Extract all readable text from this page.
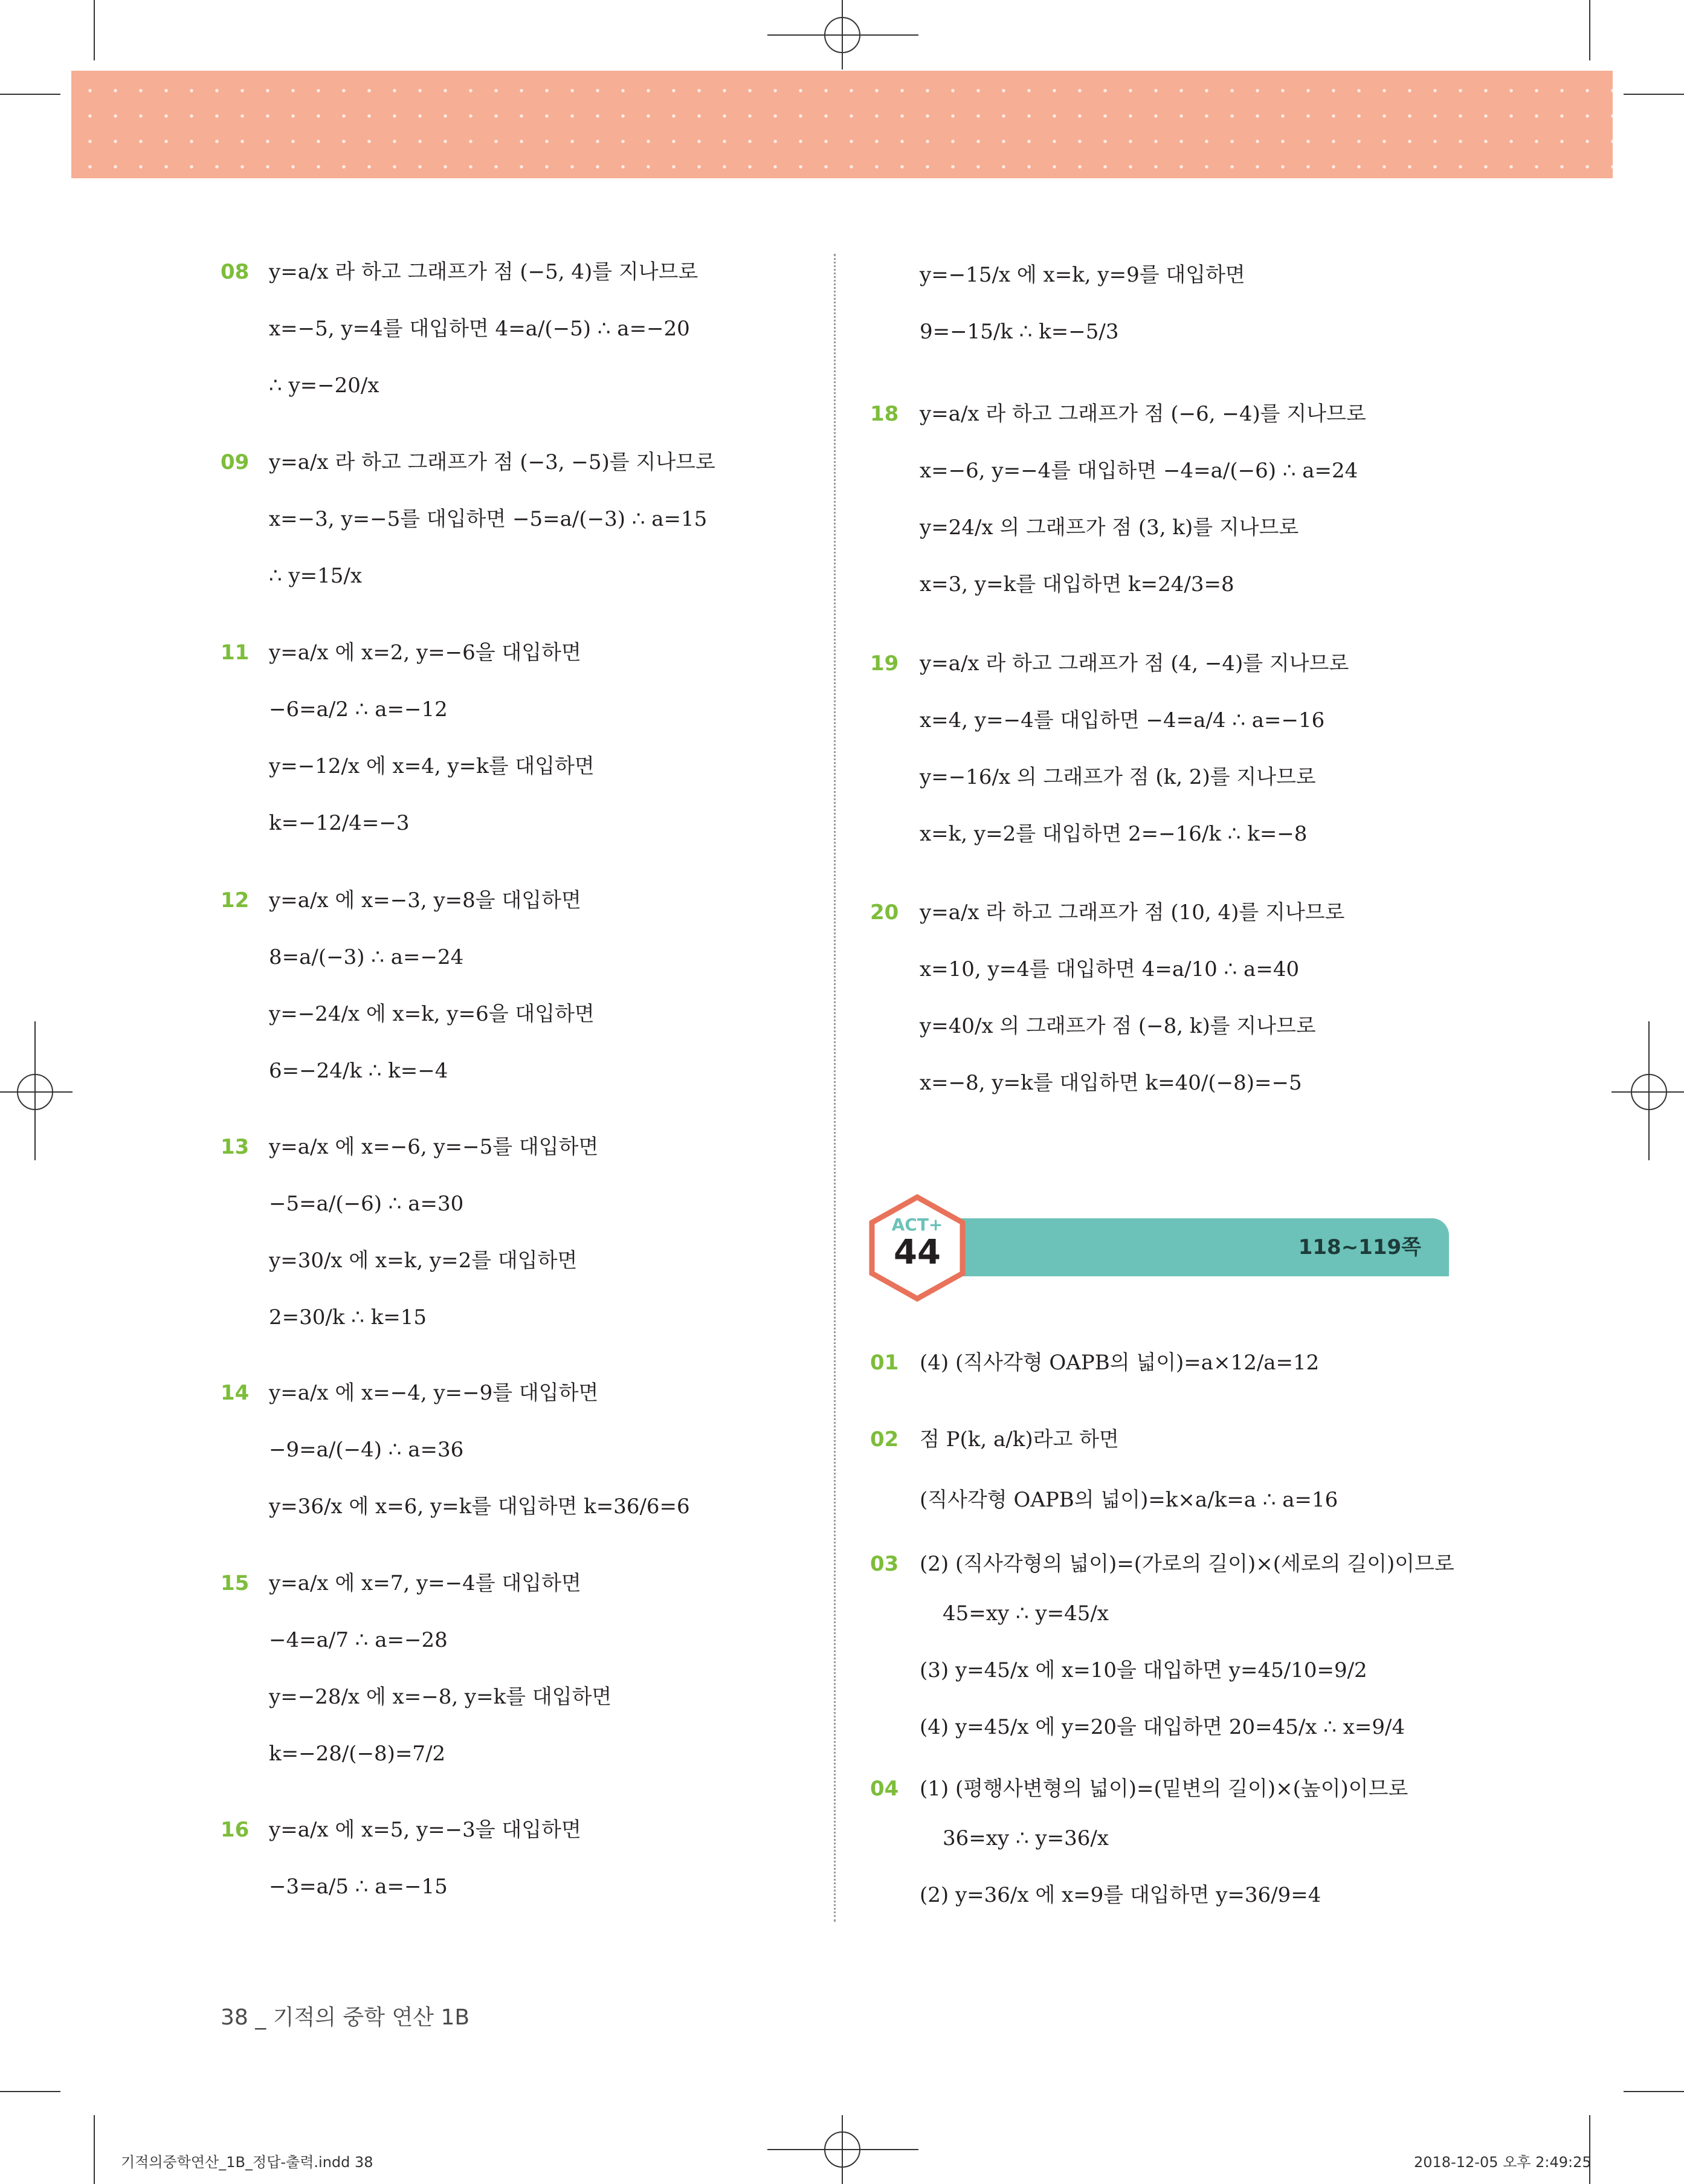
08 y=a/x 라 하고 그래프가 점 (−5, 4)를 지나므로
x=−5, y=4를 대입하면 4=a/(−5) ∴ a=−20
∴ y=−20/x
09 y=a/x 라 하고 그래프가 점 (−3, −5)를 지나므로
x=−3, y=−5를 대입하면 −5=a/(−3) ∴ a=15
∴ y=15/x
11 y=a/x 에 x=2, y=−6을 대입하면
−6=a/2 ∴ a=−12
y=−12/x 에 x=4, y=k를 대입하면
k=−12/4=−3
12 y=a/x 에 x=−3, y=8을 대입하면
8=a/(−3) ∴ a=−24
y=−24/x 에 x=k, y=6을 대입하면
6=−24/k ∴ k=−4
13 y=a/x 에 x=−6, y=−5를 대입하면
−5=a/(−6) ∴ a=30
y=30/x 에 x=k, y=2를 대입하면
2=30/k ∴ k=15
14 y=a/x 에 x=−4, y=−9를 대입하면
−9=a/(−4) ∴ a=36
y=36/x 에 x=6, y=k를 대입하면 k=36/6=6
15 y=a/x 에 x=7, y=−4를 대입하면
−4=a/7 ∴ a=−28
y=−28/x 에 x=−8, y=k를 대입하면
k=−28/(−8)=7/2
16 y=a/x 에 x=5, y=−3을 대입하면
−3=a/5 ∴ a=−15
y=−15/x 에 x=k, y=9를 대입하면
9=−15/k ∴ k=−5/3
18 y=a/x 라 하고 그래프가 점 (−6, −4)를 지나므로
x=−6, y=−4를 대입하면 −4=a/(−6) ∴ a=24
y=24/x 의 그래프가 점 (3, k)를 지나므로
x=3, y=k를 대입하면 k=24/3=8
19 y=a/x 라 하고 그래프가 점 (4, −4)를 지나므로
x=4, y=−4를 대입하면 −4=a/4 ∴ a=−16
y=−16/x 의 그래프가 점 (k, 2)를 지나므로
x=k, y=2를 대입하면 2=−16/k ∴ k=−8
20 y=a/x 라 하고 그래프가 점 (10, 4)를 지나므로
x=10, y=4를 대입하면 4=a/10 ∴ a=40
y=40/x 의 그래프가 점 (−8, k)를 지나므로
x=−8, y=k를 대입하면 k=40/(−8)=−5
118~119쪽
ACT+
44
01 (4) (직사각형 OAPB의 넓이)=a×12/a=12
02 점 P(k, a/k)라고 하면
(직사각형 OAPB의 넓이)=k×a/k=a ∴ a=16
03 (2) (직사각형의 넓이)=(가로의 길이)×(세로의 길이)이므로
45=xy ∴ y=45/x
(3) y=45/x 에 x=10을 대입하면 y=45/10=9/2
(4) y=45/x 에 y=20을 대입하면 20=45/x ∴ x=9/4
04 (1) (평행사변형의 넓이)=(밑변의 길이)×(높이)이므로
36=xy ∴ y=36/x
(2) y=36/x 에 x=9를 대입하면 y=36/9=4
38 _ 기적의 중학 연산 1B
기적의중학연산_1B_정답-출력.indd 38	2018-12-05 오후 2:49:25
